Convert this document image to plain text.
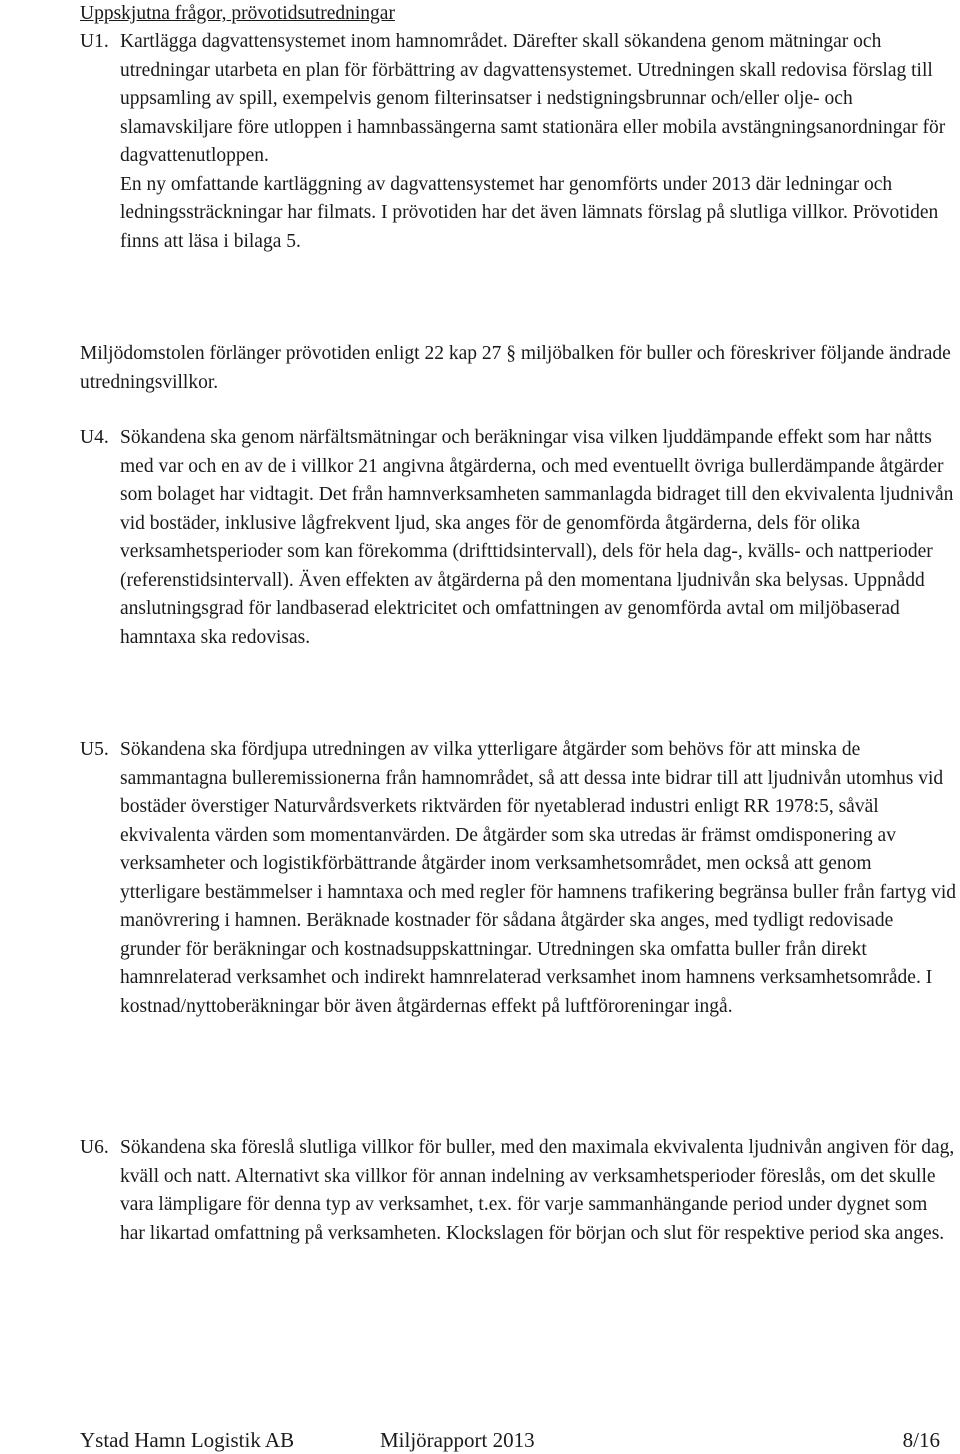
Uppskjutna frågor, prövotidsutredningar
U1. Kartlägga dagvattensystemet inom hamnområdet. Därefter skall sökandena genom mätningar och utredningar utarbeta en plan för förbättring av dagvattensystemet. Utredningen skall redovisa förslag till uppsamling av spill, exempelvis genom filterinsatser i nedstigningsbrunnar och/eller olje- och slamavskiljare före utloppen i hamnbassängerna samt stationära eller mobila avstängningsanordningar för dagvattenutloppen.

En ny omfattande kartläggning av dagvattensystemet har genomförts under 2013 där ledningar och ledningssträckningar har filmats. I prövotiden har det även lämnats förslag på slutliga villkor. Prövotiden finns att läsa i bilaga 5.

Miljödomstolen förlänger prövotiden enligt 22 kap 27 § miljöbalken för buller och föreskriver följande ändrade utredningsvillkor.

U4. Sökandena ska genom närfältsmätningar och beräkningar visa vilken ljuddämpande effekt som har nåtts med var och en av de i villkor 21 angivna åtgärderna, och med eventuellt övriga bullerdämpande åtgärder som bolaget har vidtagit. Det från hamnverksamheten sammanlagda bidraget till den ekvivalenta ljudnivån vid bostäder, inklusive lågfrekvent ljud, ska anges för de genomförda åtgärderna, dels för olika verksamhetsperioder som kan förekomma (drifttidsintervall), dels för hela dag-, kvälls- och nattperioder (referenstidsintervall). Även effekten av åtgärderna på den momentana ljudnivån ska belysas. Uppnådd anslutningsgrad för landbaserad elektricitet och omfattningen av genomförda avtal om miljöbaserad hamntaxa ska redovisas.
U5. Sökandena ska fördjupa utredningen av vilka ytterligare åtgärder som behövs för att minska de sammantagna bulleremissionerna från hamnområdet, så att dessa inte bidrar till att ljudnivån utomhus vid bostäder överstiger Naturvårdsverkets riktvärden för nyetablerad industri enligt RR 1978:5, såväl ekvivalenta värden som momentanvärden. De åtgärder som ska utredas är främst omdisponering av verksamheter och logistikförbättrande åtgärder inom verksamhetsområdet, men också att genom ytterligare bestämmelser i hamntaxa och med regler för hamnens trafikering begränsa buller från fartyg vid manövrering i hamnen. Beräknade kostnader för sådana åtgärder ska anges, med tydligt redovisade grunder för beräkningar och kostnadsuppskattningar. Utredningen ska omfatta buller från direkt hamnrelaterad verksamhet och indirekt hamnrelaterad verksamhet inom hamnens verksamhetsområde. I kostnad/nyttoberäkningar bör även åtgärdernas effekt på luftföroreningar ingå.
U6. Sökandena ska föreslå slutliga villkor för buller, med den maximala ekvivalenta ljudnivån angiven för dag, kväll och natt. Alternativt ska villkor för annan indelning av verksamhetsperioder föreslås, om det skulle vara lämpligare för denna typ av verksamhet, t.ex. för varje sammanhängande period under dygnet som har likartad omfattning på verksamheten. Klockslagen för början och slut för respektive period ska anges.
Ystad Hamn Logistik AB	Miljörapport 2013	8/16
